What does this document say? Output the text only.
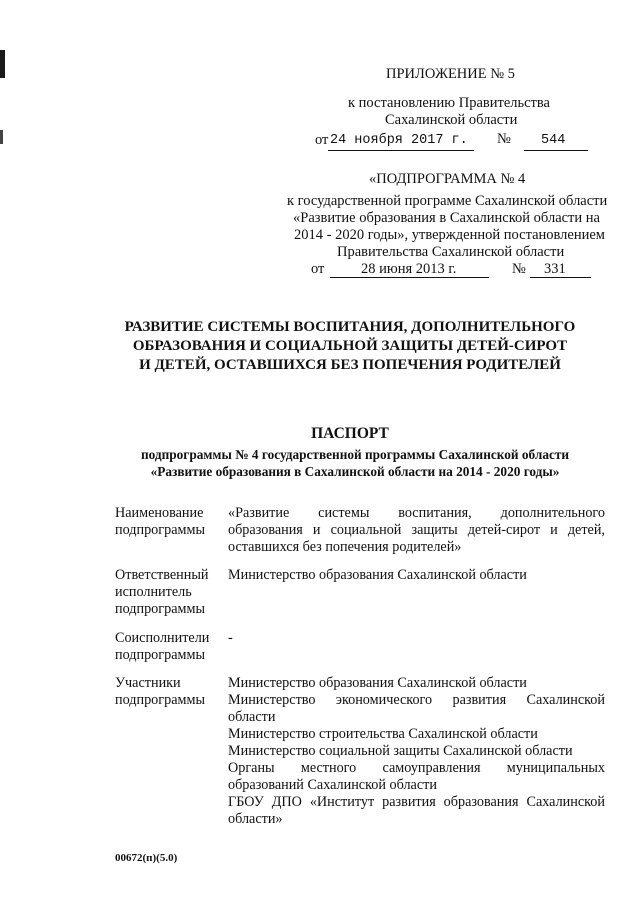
ПРИЛОЖЕНИЕ № 5
к постановлению Правительства
Сахалинской области
от 24 ноября 2017 г. № 544
«ПОДПРОГРАММА № 4
к государственной программе Сахалинской области
«Развитие образования в Сахалинской области на
2014 - 2020 годы», утвержденной постановлением
Правительства Сахалинской области
от	28 июня 2013 г.	№ 331
РАЗВИТИЕ СИСТЕМЫ ВОСПИТАНИЯ, ДОПОЛНИТЕЛЬНОГО
ОБРАЗОВАНИЯ И СОЦИАЛЬНОЙ ЗАЩИТЫ ДЕТЕЙ-СИРОТ
И ДЕТЕЙ, ОСТАВШИХСЯ БЕЗ ПОПЕЧЕНИЯ РОДИТЕЛЕЙ
ПАСПОРТ
подпрограммы № 4 государственной программы Сахалинской области
«Развитие образования в Сахалинской области на 2014 - 2020 годы»
Наименование
подпрограммы
«Развитие системы воспитания, дополнительного
образования и социальной защиты детей-сирот и детей,
оставшихся без попечения родителей»
Ответственный
исполнитель
подпрограммы
Министерство образования Сахалинской области
Соисполнители
подпрограммы
-
Участники
подпрограммы
Министерство образования Сахалинской области
Министерство экономического развития Сахалинской
области
Министерство строительства Сахалинской области
Министерство социальной защиты Сахалинской области
Органы местного самоуправления муниципальных
образований Сахалинской области
ГБОУ ДПО «Институт развития образования Сахалинской
области»
00672(п)(5.0)
